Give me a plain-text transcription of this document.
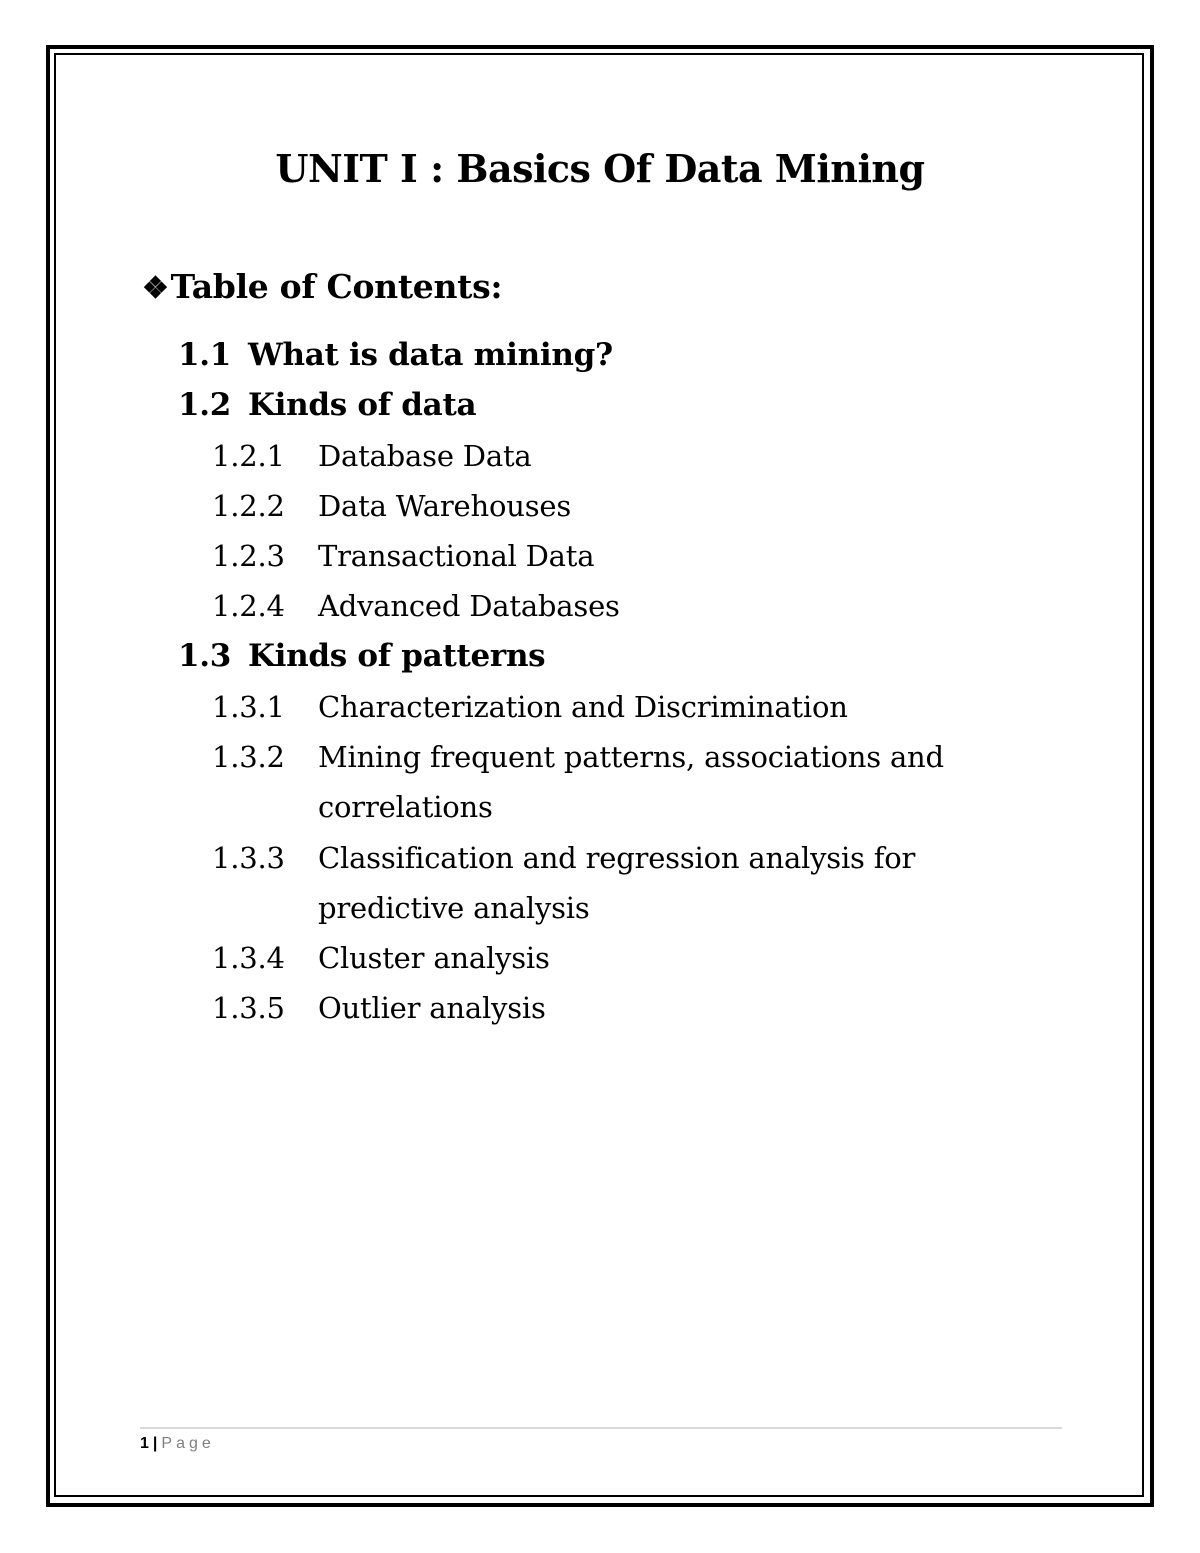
UNIT I : Basics Of Data Mining
❖Table of Contents:
1.1 What is data mining?
1.2 Kinds of data
1.2.1 Database Data
1.2.2 Data Warehouses
1.2.3 Transactional Data
1.2.4 Advanced Databases
1.3 Kinds of patterns
1.3.1 Characterization and Discrimination
1.3.2 Mining frequent patterns, associations and
correlations
1.3.3 Classification and regression analysis for
predictive analysis
1.3.4 Cluster analysis
1.3.5 Outlier analysis
1 | Page
